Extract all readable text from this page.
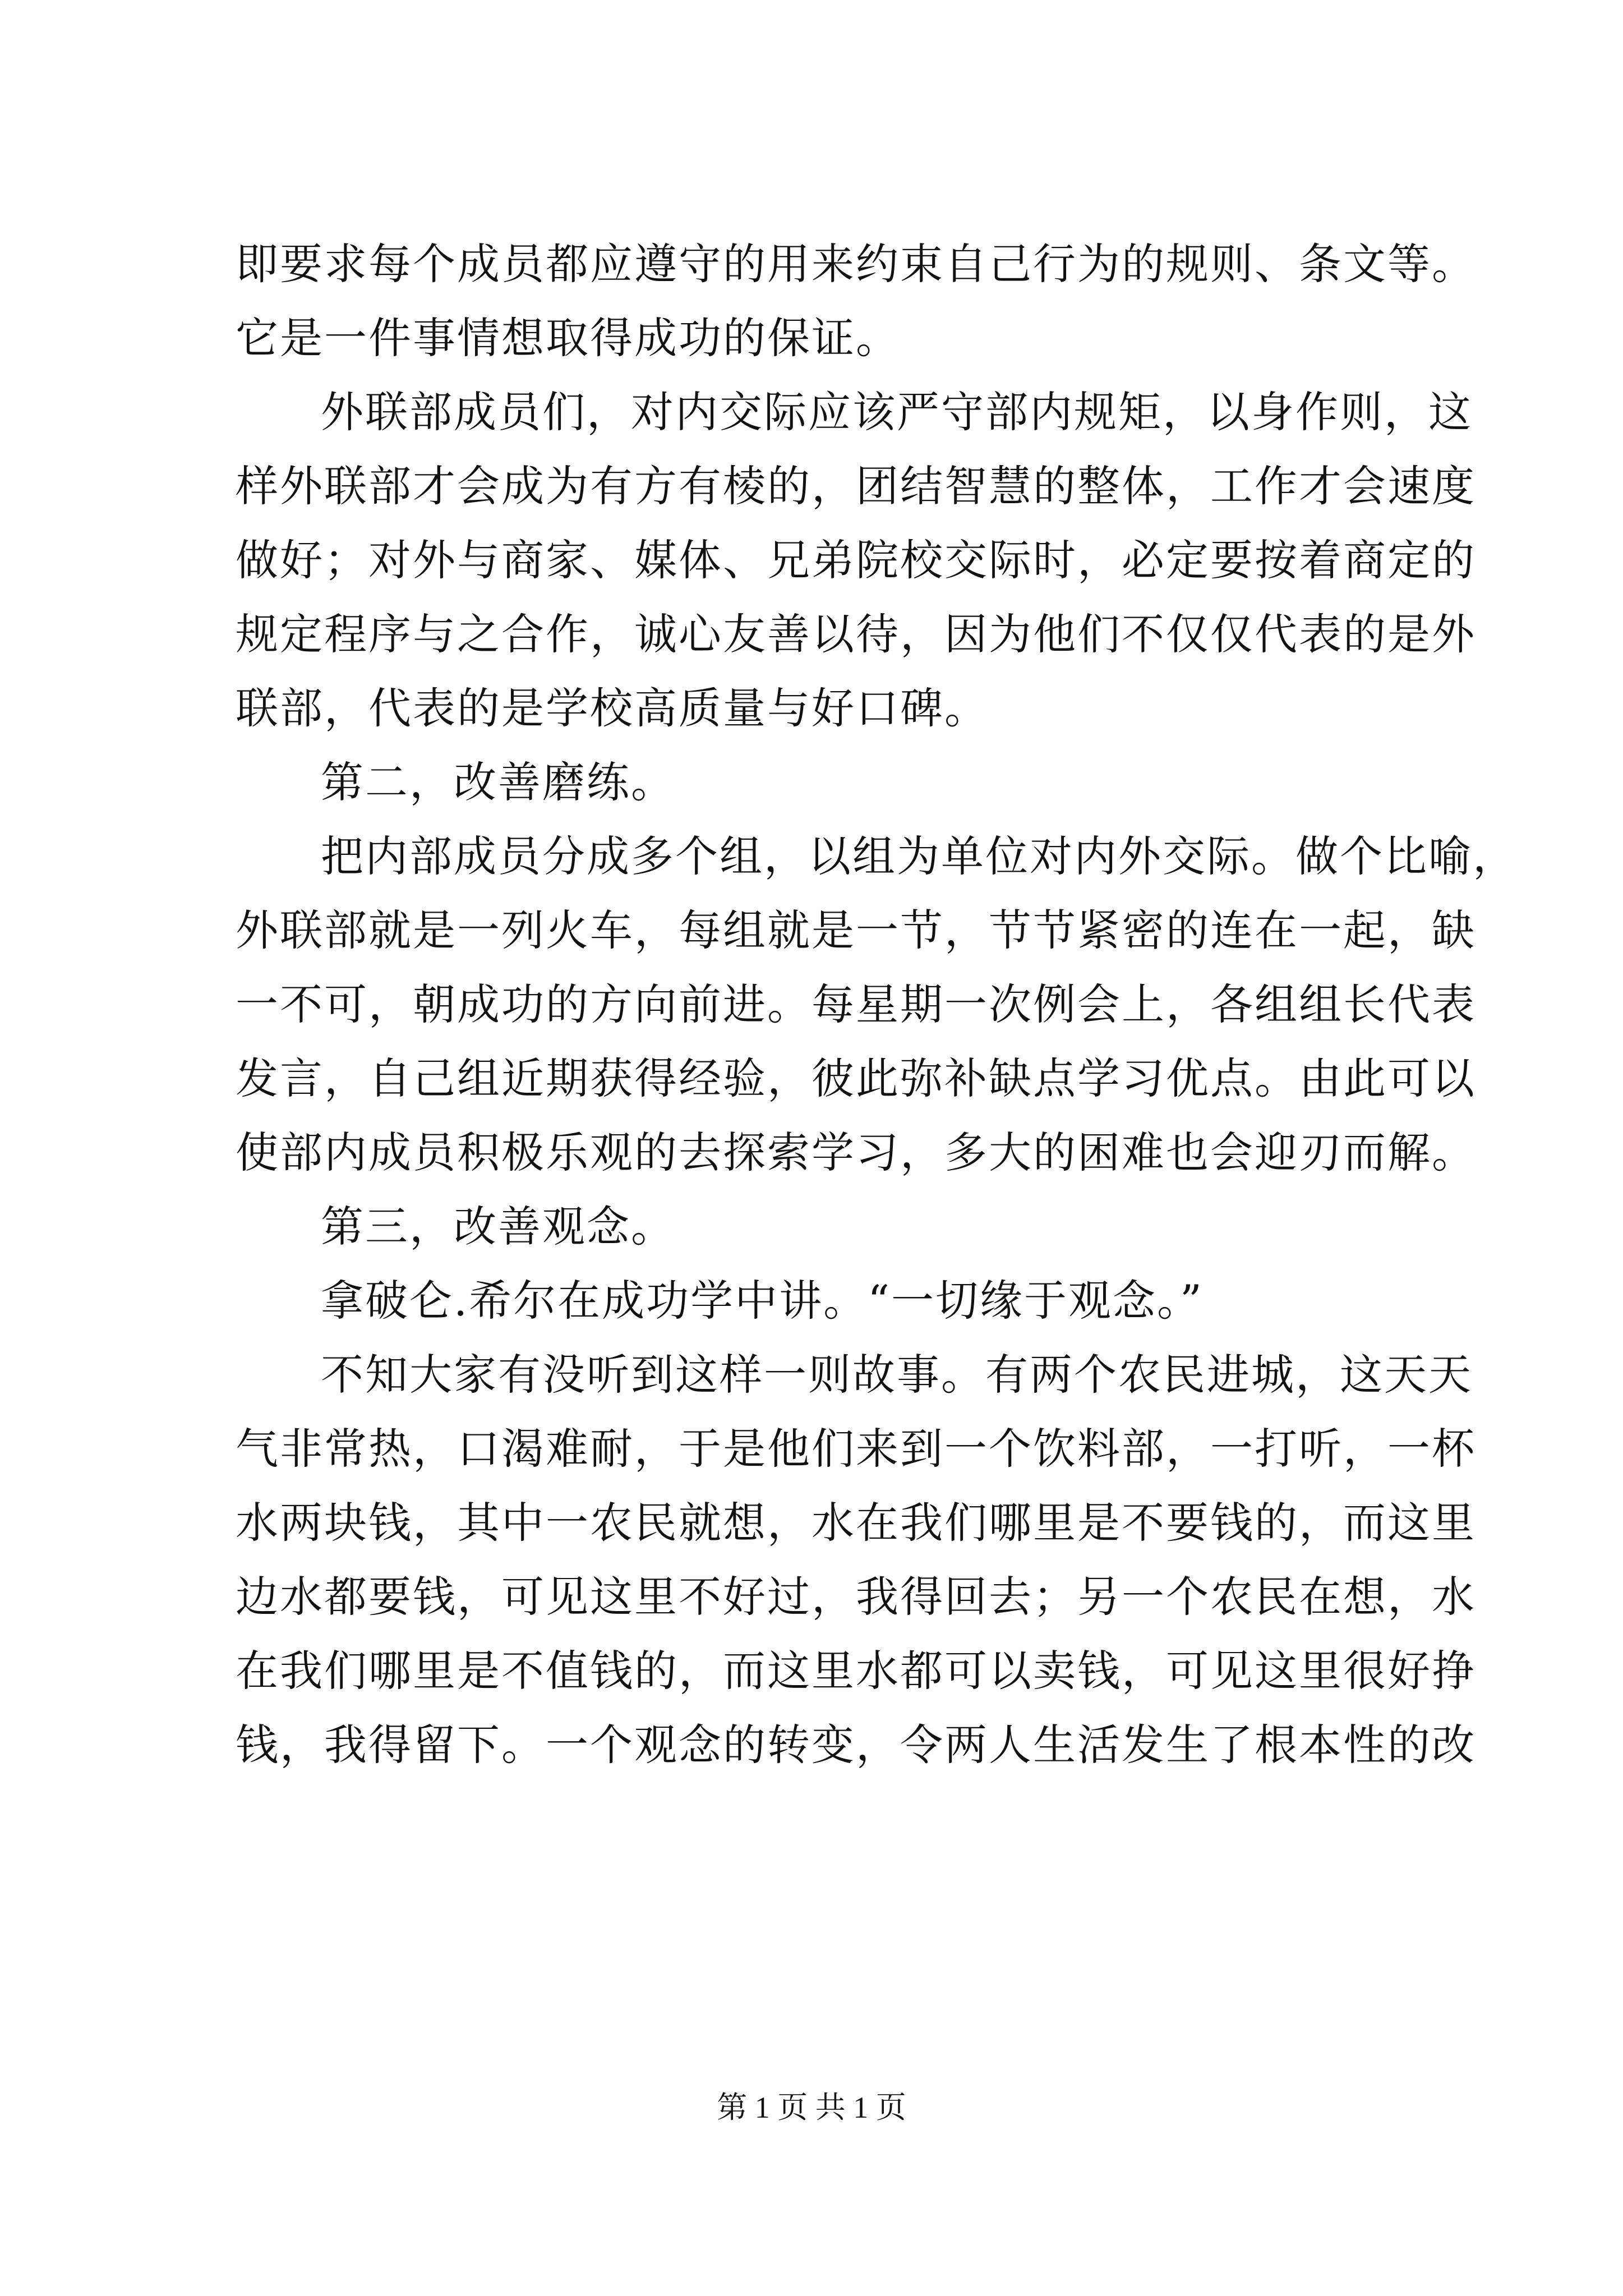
即要求每个成员都应遵守的用来约束自己行为的规则、条文等。
它是一件事情想取得成功的保证。
外联部成员们，对内交际应该严守部内规矩，以身作则，这
样外联部才会成为有方有棱的，团结智慧的整体，工作才会速度
做好；对外与商家、媒体、兄弟院校交际时，必定要按着商定的
规定程序与之合作，诚心友善以待，因为他们不仅仅代表的是外
联部，代表的是学校高质量与好口碑。
第二，改善磨练。
把内部成员分成多个组，以组为单位对内外交际。做个比喻，
外联部就是一列火车，每组就是一节，节节紧密的连在一起，缺
一不可，朝成功的方向前进。每星期一次例会上，各组组长代表
发言，自己组近期获得经验，彼此弥补缺点学习优点。由此可以
使部内成员积极乐观的去探索学习，多大的困难也会迎刃而解。
第三，改善观念。
拿破仑.希尔在成功学中讲。“一切缘于观念。”
不知大家有没听到这样一则故事。有两个农民进城，这天天
气非常热，口渴难耐，于是他们来到一个饮料部，一打听，一杯
水两块钱，其中一农民就想，水在我们哪里是不要钱的，而这里
边水都要钱，可见这里不好过，我得回去；另一个农民在想，水
在我们哪里是不值钱的，而这里水都可以卖钱，可见这里很好挣
钱，我得留下。一个观念的转变，令两人生活发生了根本性的改
第 1 页 共 1 页
